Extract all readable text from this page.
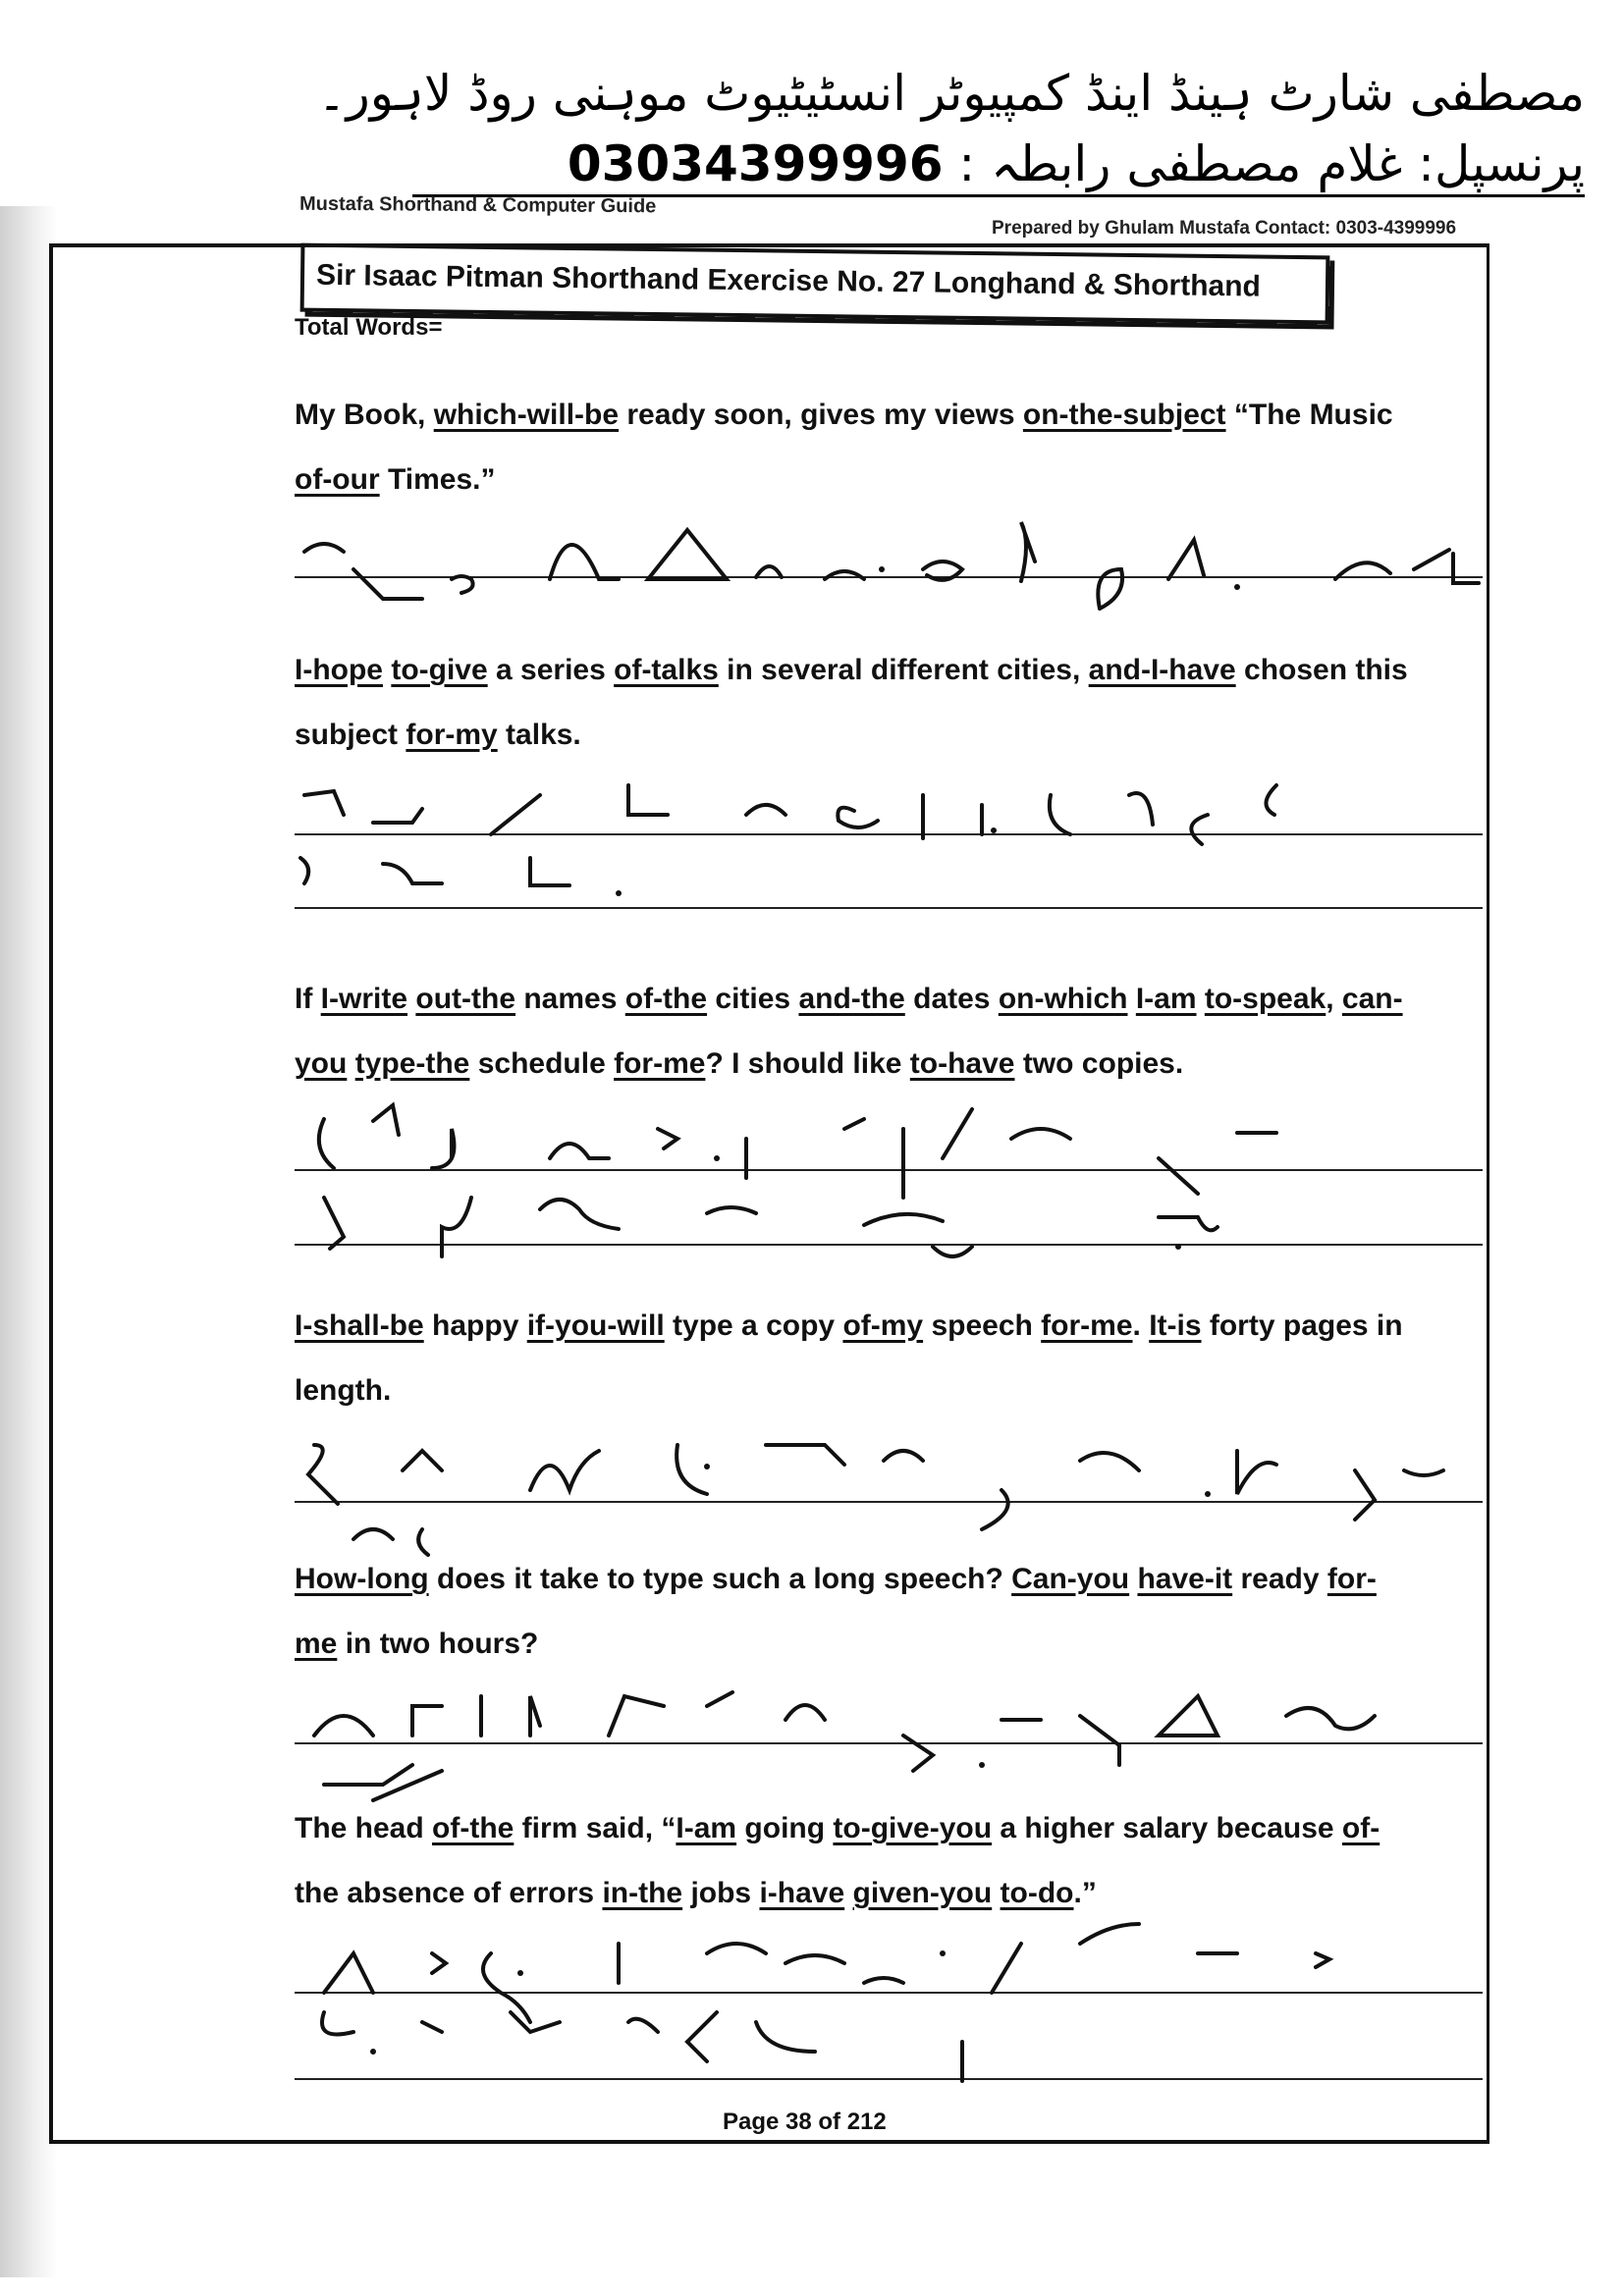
مصطفی شارٹ ہینڈ اینڈ کمپیوٹر انسٹیٹیوٹ موہنی روڈ لاہور۔
پرنسپل: غلام مصطفی رابطہ : 03034399996
Mustafa Shorthand & Computer Guide
Prepared by Ghulam Mustafa Contact: 0303-4399996
Sir Isaac Pitman Shorthand Exercise No. 27 Longhand & Shorthand
Total Words=
My Book, which-will-be ready soon, gives my views on-the-subject “The Music
of-our Times.”
I-hope to-give a series of-talks in several different cities, and-I-have chosen this
subject for-my talks.
If I-write out-the names of-the cities and-the dates on-which I-am to-speak, can-
you type-the schedule for-me? I should like to-have two copies.
I-shall-be happy if-you-will type a copy of-my speech for-me. It-is forty pages in
length.
How-long does it take to type such a long speech? Can-you have-it ready for-
me in two hours?
The head of-the firm said, “I-am going to-give-you a higher salary because of-
the absence of errors in-the jobs i-have given-you to-do.”
Page 38 of 212
